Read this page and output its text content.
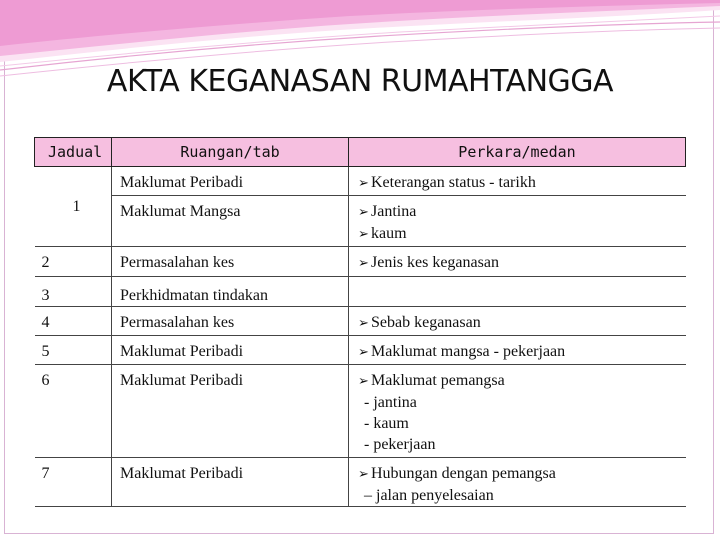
AKTA KEGANASAN RUMAHTANGGA
Jadual	Ruangan/tab	Perkara/medan
1	Maklumat Peribadi	➢ Keterangan status - tarikh
	Maklumat Mangsa	➢ Jantina
➢ kaum

2	Permasalahan kes	➢ Jenis kes keganasan
3	Perkhidmatan tindakan	
4	Permasalahan kes	➢ Sebab keganasan
5	Maklumat Peribadi	➢ Maklumat mangsa - pekerjaan
6	Maklumat Peribadi	➢ Maklumat pemangsa
- jantina
- kaum
- pekerjaan

7	Maklumat Peribadi	➢ Hubungan dengan pemangsa
– jalan penyelesaian
